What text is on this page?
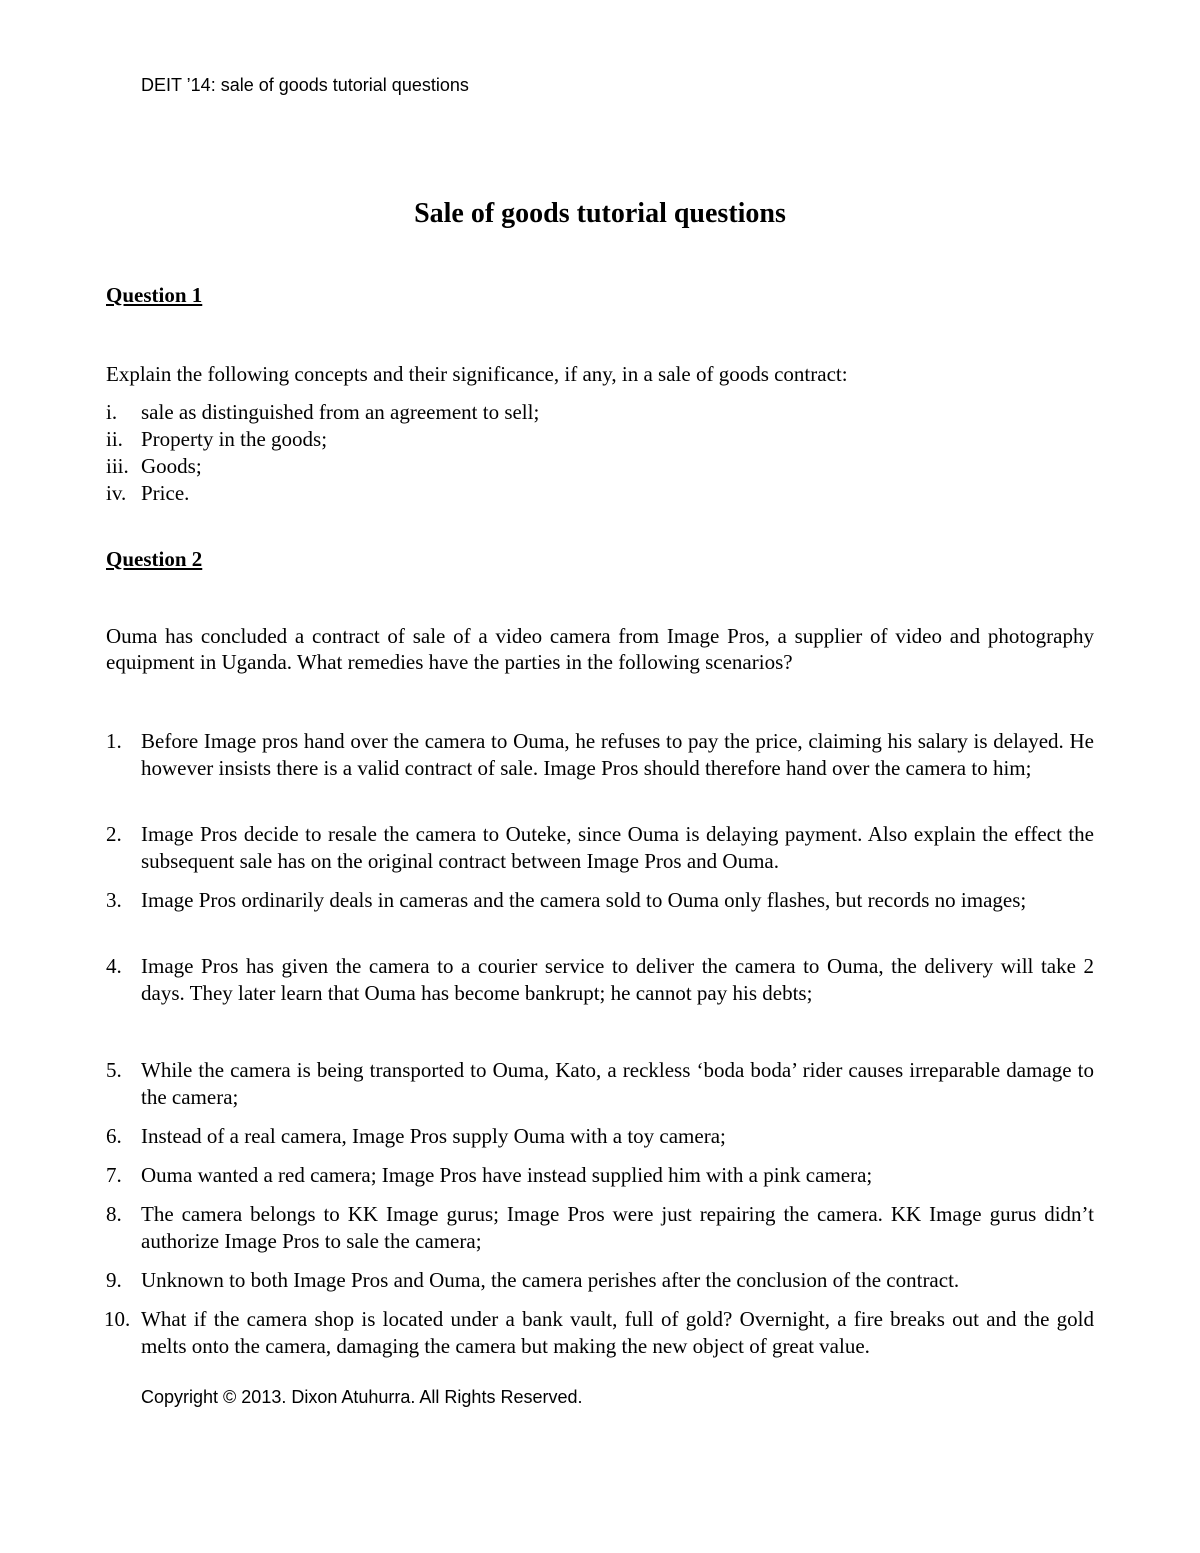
DEIT ’14: sale of goods tutorial questions
Sale of goods tutorial questions
Question 1

Explain the following concepts and their significance, if any, in a sale of goods contract:

i. sale as distinguished from an agreement to sell;
ii. Property in the goods;
iii. Goods;
iv. Price.
Question 2

Ouma has concluded a contract of sale of a video camera from Image Pros, a supplier of video and photography equipment in Uganda. What remedies have the parties in the following scenarios?

1. Before Image pros hand over the camera to Ouma, he refuses to pay the price, claiming his salary is delayed. He however insists there is a valid contract of sale. Image Pros should therefore hand over the camera to him;
2. Image Pros decide to resale the camera to Outeke, since Ouma is delaying payment. Also explain the effect the subsequent sale has on the original contract between Image Pros and Ouma.
3. Image Pros ordinarily deals in cameras and the camera sold to Ouma only flashes, but records no images;
4. Image Pros has given the camera to a courier service to deliver the camera to Ouma, the delivery will take 2 days. They later learn that Ouma has become bankrupt; he cannot pay his debts;
5. While the camera is being transported to Ouma, Kato, a reckless ‘boda boda’ rider causes irreparable damage to the camera;
6. Instead of a real camera, Image Pros supply Ouma with a toy camera;
7. Ouma wanted a red camera; Image Pros have instead supplied him with a pink camera;
8. The camera belongs to KK Image gurus; Image Pros were just repairing the camera. KK Image gurus didn’t authorize Image Pros to sale the camera;
9. Unknown to both Image Pros and Ouma, the camera perishes after the conclusion of the contract.
10. What if the camera shop is located under a bank vault, full of gold? Overnight, a fire breaks out and the gold melts onto the camera, damaging the camera but making the new object of great value.
Copyright © 2013. Dixon Atuhurra. All Rights Reserved.
